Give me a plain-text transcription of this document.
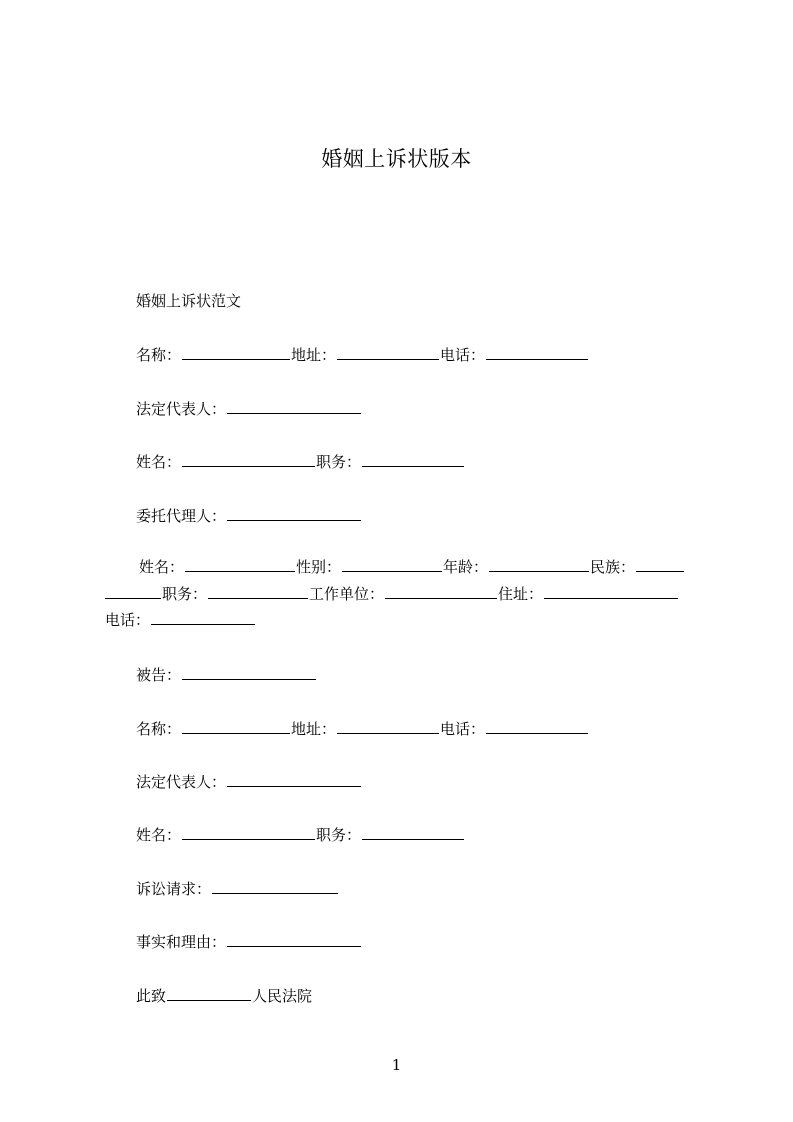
婚姻上诉状版本
婚姻上诉状范文
名称：	地址：	电话：
法定代表人：
姓名：	职务：
委托代理人：
姓名：	性别：	年龄：	民族：
职务：	工作单位：	住址：
电话：
被告：
名称：	地址：	电话：
法定代表人：
姓名：	职务：
诉讼请求：
事实和理由：
此致	人民法院
1
